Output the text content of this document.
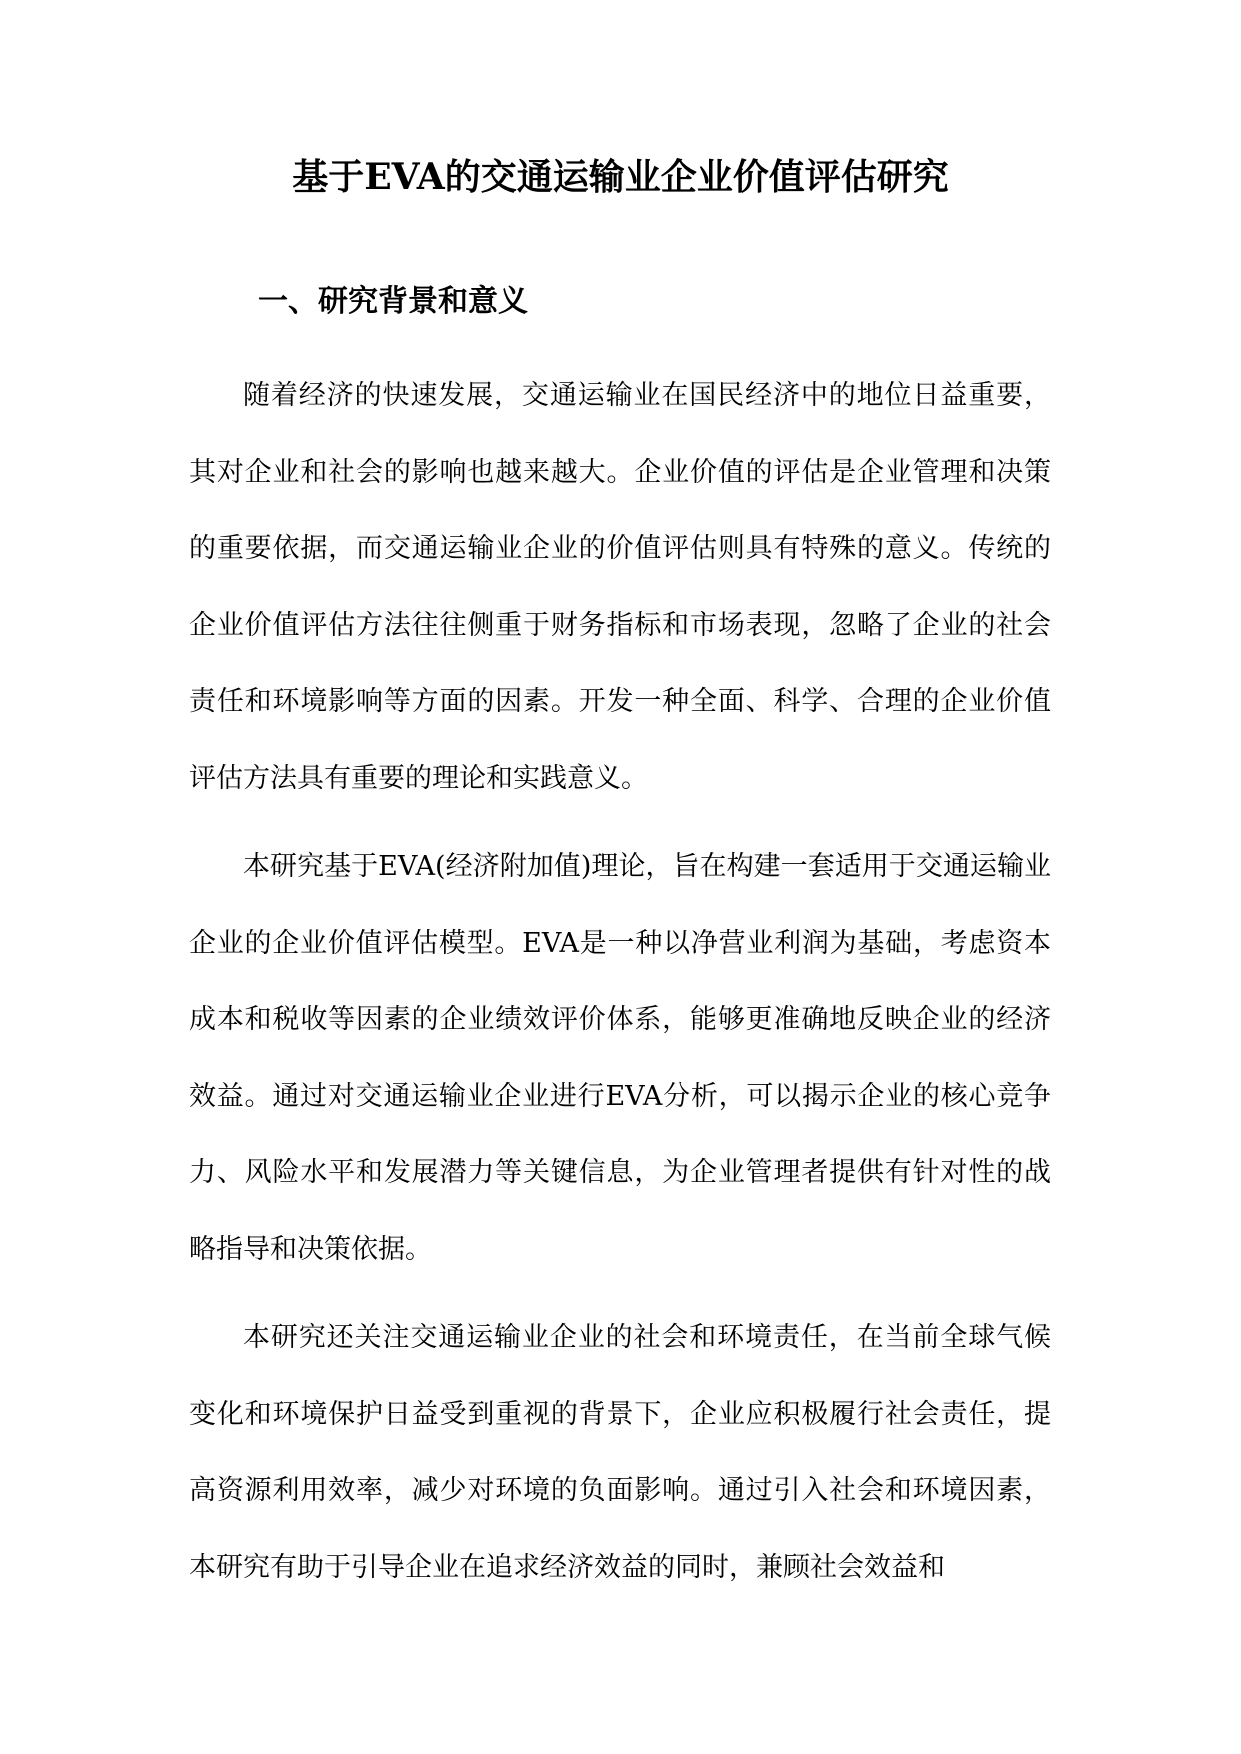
基于EVA的交通运输业企业价值评估研究
一、研究背景和意义

随着经济的快速发展，交通运输业在国民经济中的地位日益重要，其对企业和社会的影响也越来越大。企业价值的评估是企业管理和决策的重要依据，而交通运输业企业的价值评估则具有特殊的意义。传统的企业价值评估方法往往侧重于财务指标和市场表现，忽略了企业的社会责任和环境影响等方面的因素。开发一种全面、科学、合理的企业价值评估方法具有重要的理论和实践意义。

本研究基于EVA(经济附加值)理论，旨在构建一套适用于交通运输业企业的企业价值评估模型。EVA是一种以净营业利润为基础，考虑资本成本和税收等因素的企业绩效评价体系，能够更准确地反映企业的经济效益。通过对交通运输业企业进行EVA分析，可以揭示企业的核心竞争力、风险水平和发展潜力等关键信息，为企业管理者提供有针对性的战略指导和决策依据。

本研究还关注交通运输业企业的社会和环境责任，在当前全球气候变化和环境保护日益受到重视的背景下，企业应积极履行社会责任，提高资源利用效率，减少对环境的负面影响。通过引入社会和环境因素，本研究有助于引导企业在追求经济效益的同时，兼顾社会效益和
